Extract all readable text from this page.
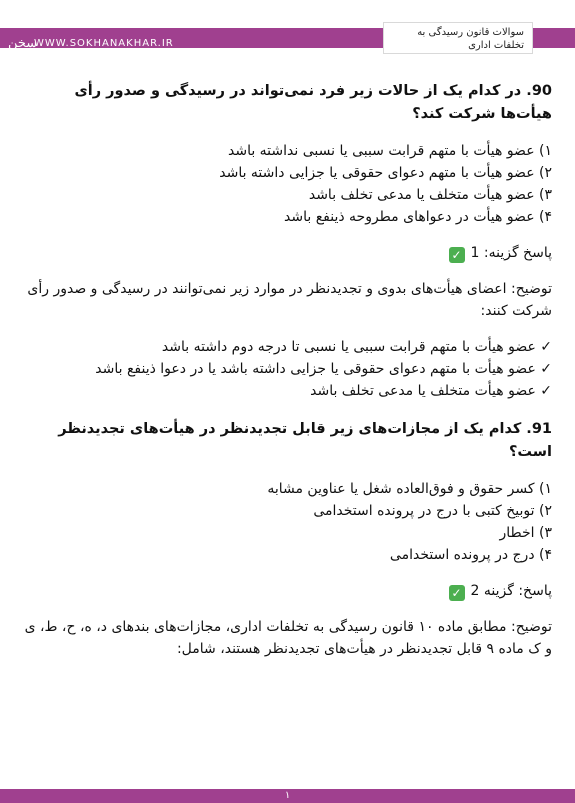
سخن
WWW.SOKHANAKHAR.IR
سوالات قانون رسیدگی به
تخلفات اداری

90. در کدام یک از حالات زیر فرد نمی‌تواند در رسیدگی و صدور رأی هیأت‌ها شرکت کند؟

۱) عضو هیأت با متهم قرابت سببی یا نسبی نداشته باشد
۲) عضو هیأت با متهم دعوای حقوقی یا جزایی داشته باشد
۳) عضو هیأت متخلف یا مدعی تخلف باشد
۴) عضو هیأت در دعواهای مطروحه ذینفع باشد
پاسخ گزینه: 1✓
توضیح: اعضای هیأت‌های بدوی و تجدیدنظر در موارد زیر نمی‌توانند در رسیدگی و صدور رأی شرکت کنند:
✓ عضو هیأت با متهم قرابت سببی یا نسبی تا درجه دوم داشته باشد
✓ عضو هیأت با متهم دعوای حقوقی یا جزایی داشته باشد یا در دعوا ذینفع باشد
✓ عضو هیأت متخلف یا مدعی تخلف باشد

91. کدام یک از مجازات‌های زیر قابل تجدیدنظر در هیأت‌های تجدیدنظر است؟

۱) کسر حقوق و فوق‌العاده شغل یا عناوین مشابه
۲) توبیخ کتبی با درج در پرونده استخدامی
۳) اخطار
۴) درج در پرونده استخدامی
پاسخ: گزینه 2✓
توضیح: مطابق ماده ۱۰ قانون رسیدگی به تخلفات اداری، مجازات‌های بندهای د، ه، ح، ط، ی و ک ماده ۹ قابل تجدیدنظر در هیأت‌های تجدیدنظر هستند، شامل:
۱
